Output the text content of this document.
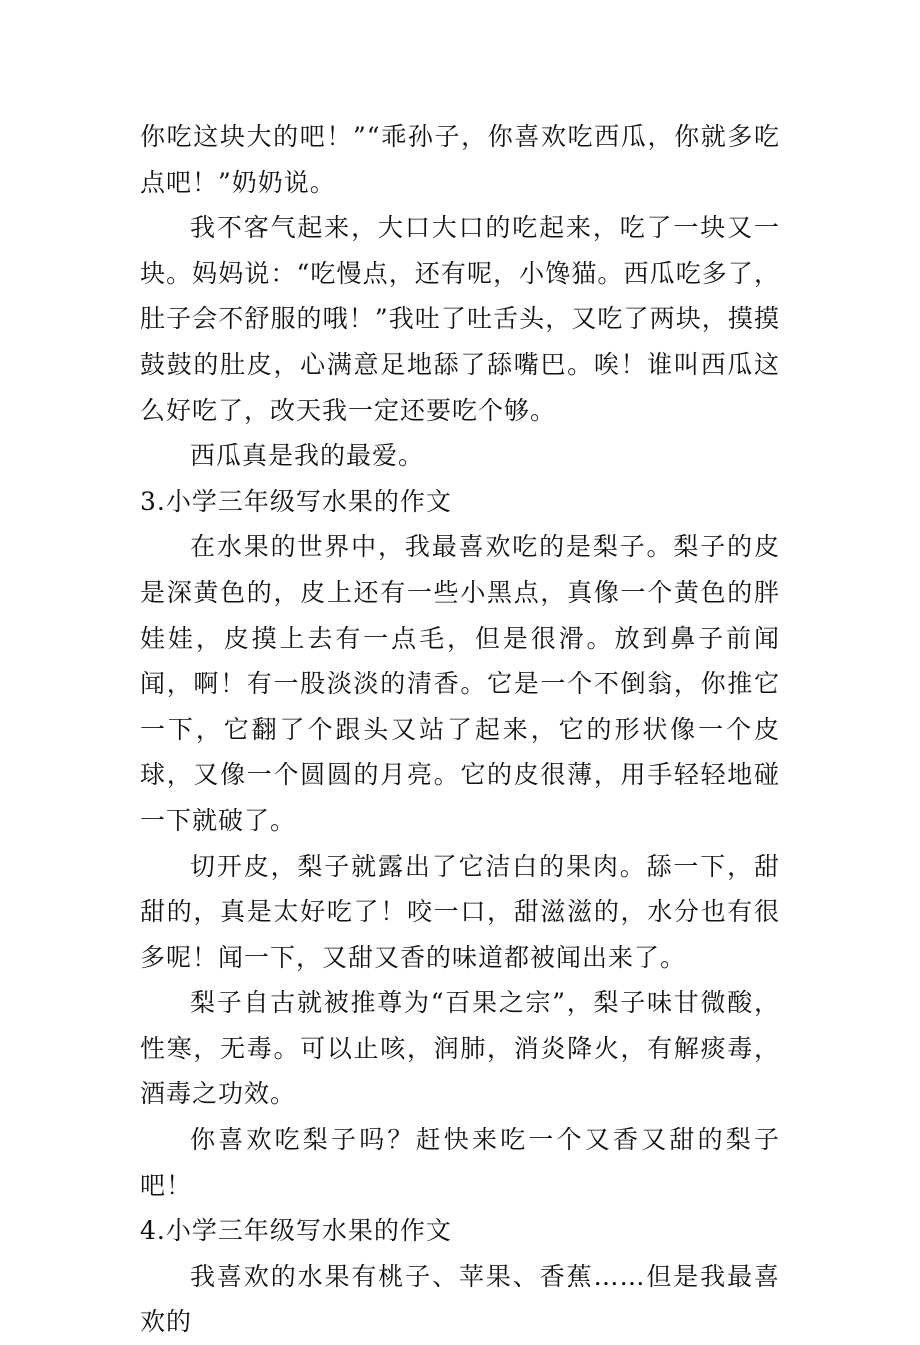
你吃这块大的吧！”“乖孙子，你喜欢吃西瓜，你就多吃点吧！”奶奶说。

我不客气起来，大口大口的吃起来，吃了一块又一块。妈妈说：“吃慢点，还有呢，小馋猫。西瓜吃多了，肚子会不舒服的哦！”我吐了吐舌头，又吃了两块，摸摸鼓鼓的肚皮，心满意足地舔了舔嘴巴。唉！谁叫西瓜这么好吃了，改天我一定还要吃个够。

西瓜真是我的最爱。

3.小学三年级写水果的作文

在水果的世界中，我最喜欢吃的是梨子。梨子的皮是深黄色的，皮上还有一些小黑点，真像一个黄色的胖娃娃，皮摸上去有一点毛，但是很滑。放到鼻子前闻闻，啊！有一股淡淡的清香。它是一个不倒翁，你推它一下，它翻了个跟头又站了起来，它的形状像一个皮球，又像一个圆圆的月亮。它的皮很薄，用手轻轻地碰一下就破了。

切开皮，梨子就露出了它洁白的果肉。舔一下，甜甜的，真是太好吃了！咬一口，甜滋滋的，水分也有很多呢！闻一下，又甜又香的味道都被闻出来了。

梨子自古就被推尊为“百果之宗”，梨子味甘微酸，性寒，无毒。可以止咳，润肺，消炎降火，有解痰毒，酒毒之功效。

你喜欢吃梨子吗？赶快来吃一个又香又甜的梨子吧！

4.小学三年级写水果的作文

我喜欢的水果有桃子、苹果、香蕉……但是我最喜欢的
